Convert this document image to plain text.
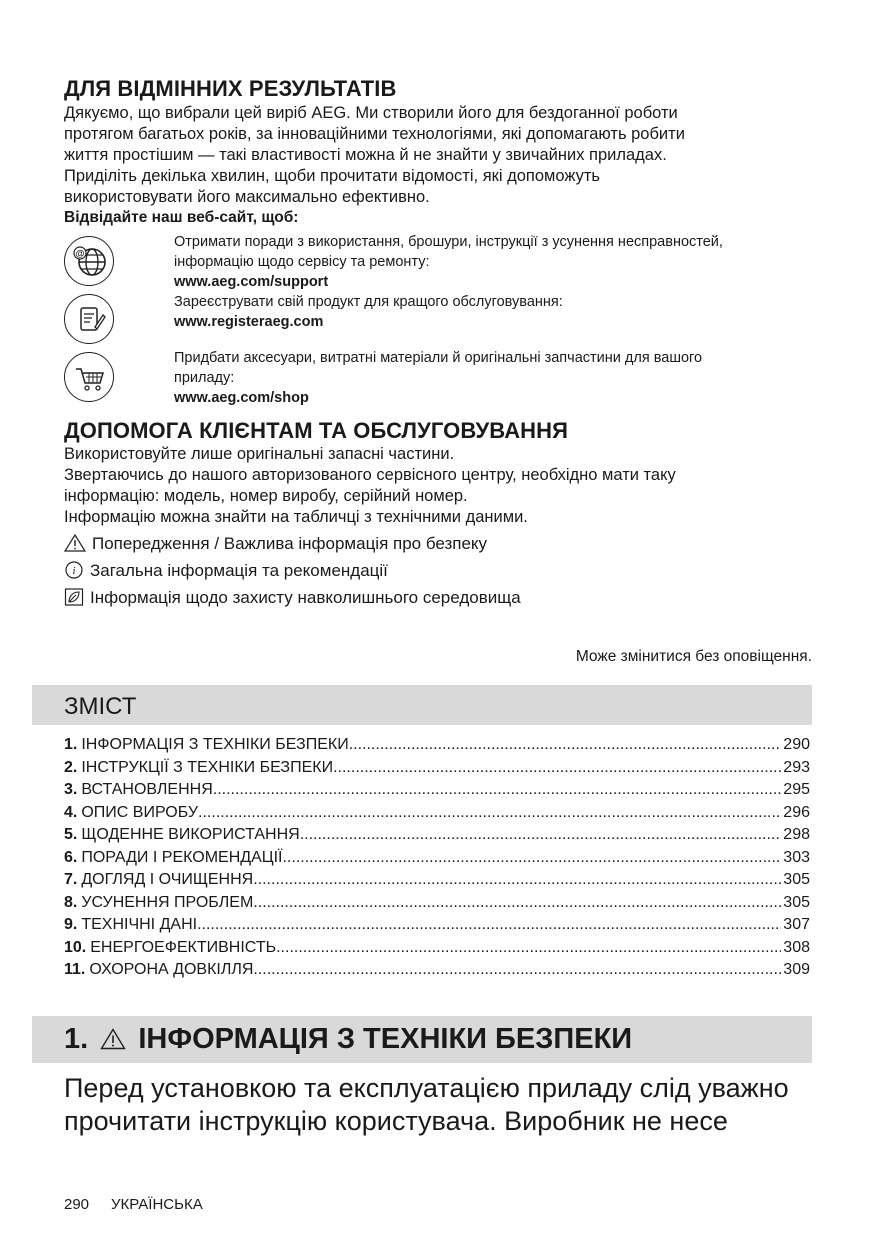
ДЛЯ ВІДМІННИХ РЕЗУЛЬТАТІВ
Дякуємо, що вибрали цей виріб AEG. Ми створили його для бездоганної роботи
протягом багатьох років, за інноваційними технологіями, які допомагають робити
життя простішим — такі властивості можна й не знайти у звичайних приладах.
Приділіть декілька хвилин, щоби прочитати відомості, які допоможуть
використовувати його максимально ефективно.
Відвідайте наш веб-сайт, щоб:
@
Отримати поради з використання, брошури, інструкції з усунення несправностей,
інформацію щодо сервісу та ремонту:
www.aeg.com/support
Зареєструвати свій продукт для кращого обслуговування:
www.registeraeg.com
Придбати аксесуари, витратні матеріали й оригінальні запчастини для вашого
приладу:
www.aeg.com/shop
ДОПОМОГА КЛІЄНТАМ ТА ОБСЛУГОВУВАННЯ
Використовуйте лише оригінальні запасні частини.
Звертаючись до нашого авторизованого сервісного центру, необхідно мати таку
інформацію: модель, номер виробу, серійний номер.
Інформацію можна знайти на табличці з технічними даними.
Попередження / Важлива інформація про безпеку
i Загальна інформація та рекомендації
Інформація щодо захисту навколишнього середовища
Може змінитися без оповіщення.
ЗМІСТ
1. ІНФОРМАЦІЯ З ТЕХНІКИ БЕЗПЕКИ .....	290
2. ІНСТРУКЦІЇ З ТЕХНІКИ БЕЗПЕКИ .....	293
3. ВСТАНОВЛЕННЯ .....	295
4. ОПИС ВИРОБУ .....	296
5. ЩОДЕННЕ ВИКОРИСТАННЯ .....	298
6. ПОРАДИ І РЕКОМЕНДАЦІЇ .....	303
7. ДОГЛЯД І ОЧИЩЕННЯ .....	305
8. УСУНЕННЯ ПРОБЛЕМ .....	305
9. ТЕХНІЧНІ ДАНІ .....	307
10. ЕНЕРГОЕФЕКТИВНІСТЬ .....	308
11. ОХОРОНА ДОВКІЛЛЯ .....	309
1. ІНФОРМАЦІЯ З ТЕХНІКИ БЕЗПЕКИ
Перед установкою та експлуатацією приладу слід уважно
прочитати інструкцію користувача. Виробник не несе
290 УКРАЇНСЬКА
